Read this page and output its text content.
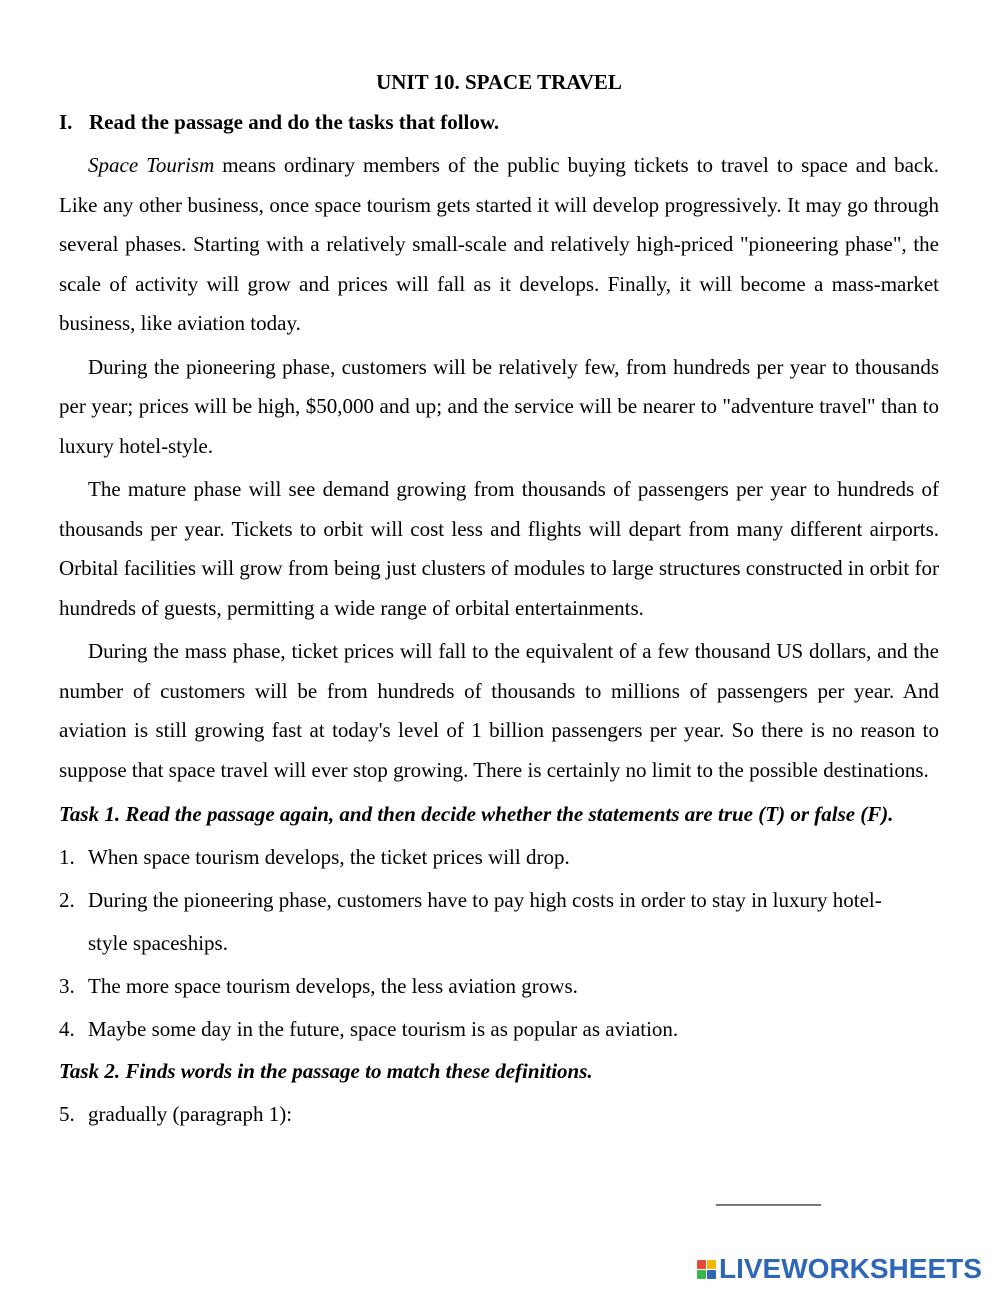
UNIT 10. SPACE TRAVEL
I. Read the passage and do the tasks that follow.

Space Tourism means ordinary members of the public buying tickets to travel to space and back. Like any other business, once space tourism gets started it will develop progressively. It may go through several phases. Starting with a relatively small-scale and relatively high-priced "pioneering phase", the scale of activity will grow and prices will fall as it develops. Finally, it will become a mass-market business, like aviation today.

During the pioneering phase, customers will be relatively few, from hundreds per year to thousands per year; prices will be high, $50,000 and up; and the service will be nearer to "adventure travel" than to luxury hotel-style.

The mature phase will see demand growing from thousands of passengers per year to hundreds of thousands per year. Tickets to orbit will cost less and flights will depart from many different airports. Orbital facilities will grow from being just clusters of modules to large structures constructed in orbit for hundreds of guests, permitting a wide range of orbital entertainments.

During the mass phase, ticket prices will fall to the equivalent of a few thousand US dollars, and the number of customers will be from hundreds of thousands to millions of passengers per year. And aviation is still growing fast at today's level of 1 billion passengers per year. So there is no reason to suppose that space travel will ever stop growing. There is certainly no limit to the possible destinations.

Task 1. Read the passage again, and then decide whether the statements are true (T) or false (F).
1. When space tourism develops, the ticket prices will drop.
2. During the pioneering phase, customers have to pay high costs in order to stay in luxury hotel-style spaceships.
3. The more space tourism develops, the less aviation grows.
4. Maybe some day in the future, space tourism is as popular as aviation.
Task 2. Finds words in the passage to match these definitions.
5. gradually (paragraph 1):
__________
LIVEWORKSHEETS
